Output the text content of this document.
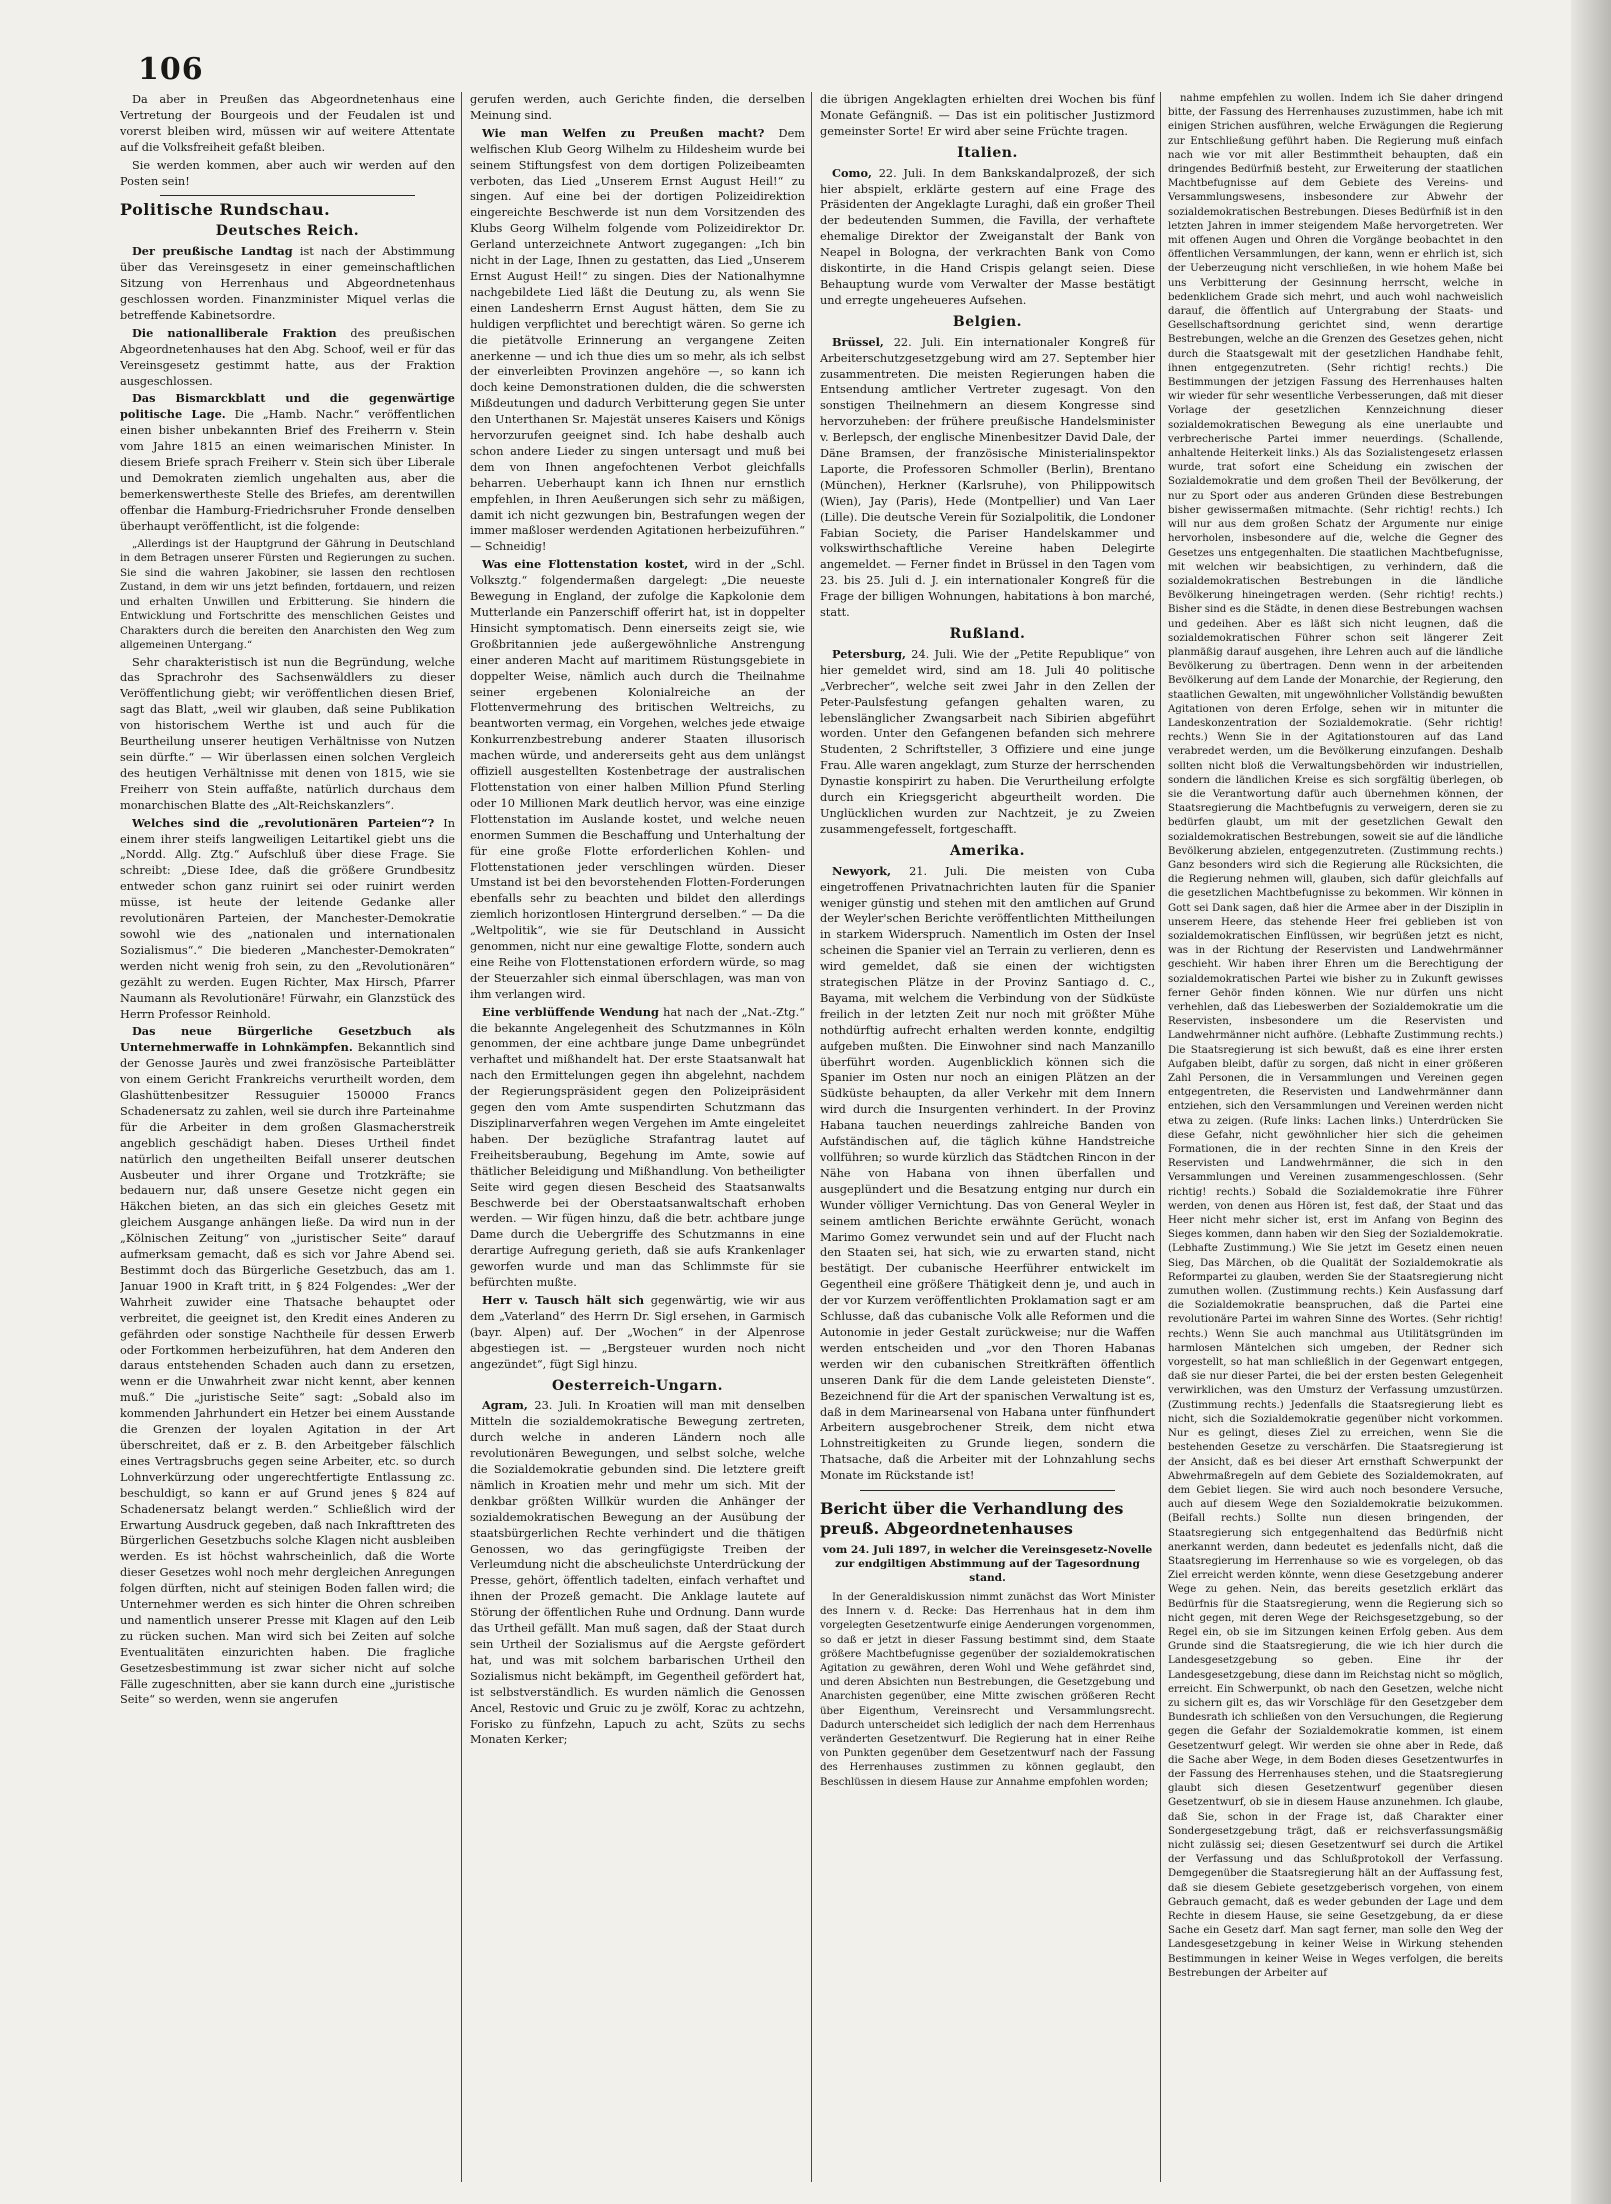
106

Da aber in Preußen das Abgeordnetenhaus eine Vertretung der Bourgeois und der Feudalen ist und vorerst bleiben wird, müssen wir auf weitere Attentate auf die Volksfreiheit gefaßt bleiben.

Sie werden kommen, aber auch wir werden auf den Posten sein!

Politische Rundschau.
Deutsches Reich.

Der preußische Landtag ist nach der Abstimmung über das Vereinsgesetz in einer gemeinschaftlichen Sitzung von Herrenhaus und Abgeordnetenhaus geschlossen worden. Finanzminister Miquel verlas die betreffende Kabinetsordre.

Die nationalliberale Fraktion des preußischen Abgeordnetenhauses hat den Abg. Schoof, weil er für das Vereinsgesetz gestimmt hatte, aus der Fraktion ausgeschlossen.

Das Bismarckblatt und die gegenwärtige politische Lage. Die „Hamb. Nachr.“ veröffentlichen einen bisher unbekannten Brief des Freiherrn v. Stein vom Jahre 1815 an einen weimarischen Minister. In diesem Briefe sprach Freiherr v. Stein sich über Liberale und Demokraten ziemlich ungehalten aus, aber die bemerkenswertheste Stelle des Briefes, am derentwillen offenbar die Hamburg-Friedrichsruher Fronde denselben überhaupt veröffentlicht, ist die folgende:

„Allerdings ist der Hauptgrund der Gährung in Deutschland in dem Betragen unserer Fürsten und Regierungen zu suchen. Sie sind die wahren Jakobiner, sie lassen den rechtlosen Zustand, in dem wir uns jetzt befinden, fortdauern, und reizen und erhalten Unwillen und Erbitterung. Sie hindern die Entwicklung und Fortschritte des menschlichen Geistes und Charakters durch die bereiten den Anarchisten den Weg zum allgemeinen Untergang.“

Sehr charakteristisch ist nun die Begründung, welche das Sprachrohr des Sachsenwäldlers zu dieser Veröffentlichung giebt; wir veröffentlichen diesen Brief, sagt das Blatt, „weil wir glauben, daß seine Publikation von historischem Werthe ist und auch für die Beurtheilung unserer heutigen Verhältnisse von Nutzen sein dürfte.“ — Wir überlassen einen solchen Vergleich des heutigen Verhältnisse mit denen von 1815, wie sie Freiherr von Stein auffaßte, natürlich durchaus dem monarchischen Blatte des „Alt-Reichskanzlers“.

Welches sind die „revolutionären Parteien“? In einem ihrer steifs langweiligen Leitartikel giebt uns die „Nordd. Allg. Ztg.“ Aufschluß über diese Frage. Sie schreibt: „Diese Idee, daß die größere Grundbesitz entweder schon ganz ruinirt sei oder ruinirt werden müsse, ist heute der leitende Gedanke aller revolutionären Parteien, der Manchester-Demokratie sowohl wie des „nationalen und internationalen Sozialismus“.“ Die biederen „Manchester-Demokraten“ werden nicht wenig froh sein, zu den „Revolutionären“ gezählt zu werden. Eugen Richter, Max Hirsch, Pfarrer Naumann als Revolutionäre! Fürwahr, ein Glanzstück des Herrn Professor Reinhold.

Das neue Bürgerliche Gesetzbuch als Unternehmerwaffe in Lohnkämpfen. Bekanntlich sind der Genosse Jaurès und zwei französische Parteiblätter von einem Gericht Frankreichs verurtheilt worden, dem Glashüttenbesitzer Ressuguier 150000 Francs Schadenersatz zu zahlen, weil sie durch ihre Parteinahme für die Arbeiter in dem großen Glasmacherstreik angeblich geschädigt haben. Dieses Urtheil findet natürlich den ungetheilten Beifall unserer deutschen Ausbeuter und ihrer Organe und Trotzkräfte; sie bedauern nur, daß unsere Gesetze nicht gegen ein Häkchen bieten, an das sich ein gleiches Gesetz mit gleichem Ausgange anhängen ließe. Da wird nun in der „Kölnischen Zeitung“ von „juristischer Seite“ darauf aufmerksam gemacht, daß es sich vor Jahre Abend sei. Bestimmt doch das Bürgerliche Gesetzbuch, das am 1. Januar 1900 in Kraft tritt, in § 824 Folgendes: „Wer der Wahrheit zuwider eine Thatsache behauptet oder verbreitet, die geeignet ist, den Kredit eines Anderen zu gefährden oder sonstige Nachtheile für dessen Erwerb oder Fortkommen herbeizuführen, hat dem Anderen den daraus entstehenden Schaden auch dann zu ersetzen, wenn er die Unwahrheit zwar nicht kennt, aber kennen muß.“ Die „juristische Seite“ sagt: „Sobald also im kommenden Jahrhundert ein Hetzer bei einem Ausstande die Grenzen der loyalen Agitation in der Art überschreitet, daß er z. B. den Arbeitgeber fälschlich eines Vertragsbruchs gegen seine Arbeiter, etc. so durch Lohnverkürzung oder ungerechtfertigte Entlassung zc. beschuldigt, so kann er auf Grund jenes § 824 auf Schadenersatz belangt werden.“ Schließlich wird der Erwartung Ausdruck gegeben, daß nach Inkrafttreten des Bürgerlichen Gesetzbuchs solche Klagen nicht ausbleiben werden. Es ist höchst wahrscheinlich, daß die Worte dieser Gesetzes wohl noch mehr dergleichen Anregungen folgen dürften, nicht auf steinigen Boden fallen wird; die Unternehmer werden es sich hinter die Ohren schreiben und namentlich unserer Presse mit Klagen auf den Leib zu rücken suchen. Man wird sich bei Zeiten auf solche Eventualitäten einzurichten haben. Die fragliche Gesetzesbestimmung ist zwar sicher nicht auf solche Fälle zugeschnitten, aber sie kann durch eine „juristische Seite“ so werden, wenn sie angerufen

gerufen werden, auch Gerichte finden, die derselben Meinung sind.

Wie man Welfen zu Preußen macht? Dem welfischen Klub Georg Wilhelm zu Hildesheim wurde bei seinem Stiftungsfest von dem dortigen Polizeibeamten verboten, das Lied „Unserem Ernst August Heil!“ zu singen. Auf eine bei der dortigen Polizeidirektion eingereichte Beschwerde ist nun dem Vorsitzenden des Klubs Georg Wilhelm folgende vom Polizeidirektor Dr. Gerland unterzeichnete Antwort zugegangen: „Ich bin nicht in der Lage, Ihnen zu gestatten, das Lied „Unserem Ernst August Heil!“ zu singen. Dies der Nationalhymne nachgebildete Lied läßt die Deutung zu, als wenn Sie einen Landesherrn Ernst August hätten, dem Sie zu huldigen verpflichtet und berechtigt wären. So gerne ich die pietätvolle Erinnerung an vergangene Zeiten anerkenne — und ich thue dies um so mehr, als ich selbst der einverleibten Provinzen angehöre —, so kann ich doch keine Demonstrationen dulden, die die schwersten Mißdeutungen und dadurch Verbitterung gegen Sie unter den Unterthanen Sr. Majestät unseres Kaisers und Königs hervorzurufen geeignet sind. Ich habe deshalb auch schon andere Lieder zu singen untersagt und muß bei dem von Ihnen angefochtenen Verbot gleichfalls beharren. Ueberhaupt kann ich Ihnen nur ernstlich empfehlen, in Ihren Aeußerungen sich sehr zu mäßigen, damit ich nicht gezwungen bin, Bestrafungen wegen der immer maßloser werdenden Agitationen herbeizuführen.“ — Schneidig!

Was eine Flottenstation kostet, wird in der „Schl. Volksztg.“ folgendermaßen dargelegt: „Die neueste Bewegung in England, der zufolge die Kapkolonie dem Mutterlande ein Panzerschiff offerirt hat, ist in doppelter Hinsicht symptomatisch. Denn einerseits zeigt sie, wie Großbritannien jede außergewöhnliche Anstrengung einer anderen Macht auf maritimem Rüstungsgebiete in doppelter Weise, nämlich auch durch die Theilnahme seiner ergebenen Kolonialreiche an der Flottenvermehrung des britischen Weltreichs, zu beantworten vermag, ein Vorgehen, welches jede etwaige Konkurrenzbestrebung anderer Staaten illusorisch machen würde, und andererseits geht aus dem unlängst offiziell ausgestellten Kostenbetrage der australischen Flottenstation von einer halben Million Pfund Sterling oder 10 Millionen Mark deutlich hervor, was eine einzige Flottenstation im Auslande kostet, und welche neuen enormen Summen die Beschaffung und Unterhaltung der für eine große Flotte erforderlichen Kohlen- und Flottenstationen jeder verschlingen würden. Dieser Umstand ist bei den bevorstehenden Flotten-Forderungen ebenfalls sehr zu beachten und bildet den allerdings ziemlich horizontlosen Hintergrund derselben.“ — Da die „Weltpolitik“, wie sie für Deutschland in Aussicht genommen, nicht nur eine gewaltige Flotte, sondern auch eine Reihe von Flottenstationen erfordern würde, so mag der Steuerzahler sich einmal überschlagen, was man von ihm verlangen wird.

Eine verblüffende Wendung hat nach der „Nat.-Ztg.“ die bekannte Angelegenheit des Schutzmannes in Köln genommen, der eine achtbare junge Dame unbegründet verhaftet und mißhandelt hat. Der erste Staatsanwalt hat nach den Ermittelungen gegen ihn abgelehnt, nachdem der Regierungspräsident gegen den Polizeipräsident gegen den vom Amte suspendirten Schutzmann das Disziplinarverfahren wegen Vergehen im Amte eingeleitet haben. Der bezügliche Strafantrag lautet auf Freiheitsberaubung, Begehung im Amte, sowie auf thätlicher Beleidigung und Mißhandlung. Von betheiligter Seite wird gegen diesen Bescheid des Staatsanwalts Beschwerde bei der Oberstaatsanwaltschaft erhoben werden. — Wir fügen hinzu, daß die betr. achtbare junge Dame durch die Uebergriffe des Schutzmanns in eine derartige Aufregung gerieth, daß sie aufs Krankenlager geworfen wurde und man das Schlimmste für sie befürchten mußte.

Herr v. Tausch hält sich gegenwärtig, wie wir aus dem „Vaterland“ des Herrn Dr. Sigl ersehen, in Garmisch (bayr. Alpen) auf. Der „Wochen“ in der Alpenrose abgestiegen ist. — „Bergsteuer wurden noch nicht angezündet“, fügt Sigl hinzu.

Oesterreich-Ungarn.

Agram, 23. Juli. In Kroatien will man mit denselben Mitteln die sozialdemokratische Bewegung zertreten, durch welche in anderen Ländern noch alle revolutionären Bewegungen, und selbst solche, welche die Sozialdemokratie gebunden sind. Die letztere greift nämlich in Kroatien mehr und mehr um sich. Mit der denkbar größten Willkür wurden die Anhänger der sozialdemokratischen Bewegung an der Ausübung der staatsbürgerlichen Rechte verhindert und die thätigen Genossen, wo das geringfügigste Treiben der Verleumdung nicht die abscheulichste Unterdrückung der Presse, gehört, öffentlich tadelten, einfach verhaftet und ihnen der Prozeß gemacht. Die Anklage lautete auf Störung der öffentlichen Ruhe und Ordnung. Dann wurde das Urtheil gefällt. Man muß sagen, daß der Staat durch sein Urtheil der Sozialismus auf die Aergste gefördert hat, und was mit solchem barbarischen Urtheil den Sozialismus nicht bekämpft, im Gegentheil gefördert hat, ist selbstverständlich. Es wurden nämlich die Genossen Ancel, Restovic und Gruic zu je zwölf, Korac zu achtzehn, Forisko zu fünfzehn, Lapuch zu acht, Szüts zu sechs Monaten Kerker;

die übrigen Angeklagten erhielten drei Wochen bis fünf Monate Gefängniß. — Das ist ein politischer Justizmord gemeinster Sorte! Er wird aber seine Früchte tragen.

Italien.

Como, 22. Juli. In dem Bankskandalprozeß, der sich hier abspielt, erklärte gestern auf eine Frage des Präsidenten der Angeklagte Luraghi, daß ein großer Theil der bedeutenden Summen, die Favilla, der verhaftete ehemalige Direktor der Zweiganstalt der Bank von Neapel in Bologna, der verkrachten Bank von Como diskontirte, in die Hand Crispis gelangt seien. Diese Behauptung wurde vom Verwalter der Masse bestätigt und erregte ungeheueres Aufsehen.

Belgien.

Brüssel, 22. Juli. Ein internationaler Kongreß für Arbeiterschutzgesetzgebung wird am 27. September hier zusammentreten. Die meisten Regierungen haben die Entsendung amtlicher Vertreter zugesagt. Von den sonstigen Theilnehmern an diesem Kongresse sind hervorzuheben: der frühere preußische Handelsminister v. Berlepsch, der englische Minenbesitzer David Dale, der Däne Bramsen, der französische Ministerialinspektor Laporte, die Professoren Schmoller (Berlin), Brentano (München), Herkner (Karlsruhe), von Philippowitsch (Wien), Jay (Paris), Hede (Montpellier) und Van Laer (Lille). Die deutsche Verein für Sozialpolitik, die Londoner Fabian Society, die Pariser Handelskammer und volkswirthschaftliche Vereine haben Delegirte angemeldet. — Ferner findet in Brüssel in den Tagen vom 23. bis 25. Juli d. J. ein internationaler Kongreß für die Frage der billigen Wohnungen, habitations à bon marché, statt.

Rußland.

Petersburg, 24. Juli. Wie der „Petite Republique“ von hier gemeldet wird, sind am 18. Juli 40 politische „Verbrecher“, welche seit zwei Jahr in den Zellen der Peter-Paulsfestung gefangen gehalten waren, zu lebenslänglicher Zwangsarbeit nach Sibirien abgeführt worden. Unter den Gefangenen befanden sich mehrere Studenten, 2 Schriftsteller, 3 Offiziere und eine junge Frau. Alle waren angeklagt, zum Sturze der herrschenden Dynastie konspirirt zu haben. Die Verurtheilung erfolgte durch ein Kriegsgericht abgeurtheilt worden. Die Unglücklichen wurden zur Nachtzeit, je zu Zweien zusammengefesselt, fortgeschafft.

Amerika.

Newyork, 21. Juli. Die meisten von Cuba eingetroffenen Privatnachrichten lauten für die Spanier weniger günstig und stehen mit den amtlichen auf Grund der Weyler'schen Berichte veröffentlichten Mittheilungen in starkem Widerspruch. Namentlich im Osten der Insel scheinen die Spanier viel an Terrain zu verlieren, denn es wird gemeldet, daß sie einen der wichtigsten strategischen Plätze in der Provinz Santiago d. C., Bayama, mit welchem die Verbindung von der Südküste freilich in der letzten Zeit nur noch mit größter Mühe nothdürftig aufrecht erhalten werden konnte, endgiltig aufgeben mußten. Die Einwohner sind nach Manzanillo überführt worden. Augenblicklich können sich die Spanier im Osten nur noch an einigen Plätzen an der Südküste behaupten, da aller Verkehr mit dem Innern wird durch die Insurgenten verhindert. In der Provinz Habana tauchen neuerdings zahlreiche Banden von Aufständischen auf, die täglich kühne Handstreiche vollführen; so wurde kürzlich das Städtchen Rincon in der Nähe von Habana von ihnen überfallen und ausgeplündert und die Besatzung entging nur durch ein Wunder völliger Vernichtung. Das von General Weyler in seinem amtlichen Berichte erwähnte Gerücht, wonach Marimo Gomez verwundet sein und auf der Flucht nach den Staaten sei, hat sich, wie zu erwarten stand, nicht bestätigt. Der cubanische Heerführer entwickelt im Gegentheil eine größere Thätigkeit denn je, und auch in der vor Kurzem veröffentlichten Proklamation sagt er am Schlusse, daß das cubanische Volk alle Reformen und die Autonomie in jeder Gestalt zurückweise; nur die Waffen werden entscheiden und „vor den Thoren Habanas werden wir den cubanischen Streitkräften öffentlich unseren Dank für die dem Lande geleisteten Dienste“. Bezeichnend für die Art der spanischen Verwaltung ist es, daß in dem Marinearsenal von Habana unter fünfhundert Arbeitern ausgebrochener Streik, dem nicht etwa Lohnstreitigkeiten zu Grunde liegen, sondern die Thatsache, daß die Arbeiter mit der Lohnzahlung sechs Monate im Rückstande ist!

Bericht über die Verhandlung des preuß. Abgeordnetenhauses
vom 24. Juli 1897, in welcher die Vereinsgesetz-Novelle zur endgiltigen Abstimmung auf der Tagesordnung stand.

In der Generaldiskussion nimmt zunächst das Wort Minister des Innern v. d. Recke: Das Herrenhaus hat in dem ihm vorgelegten Gesetzentwurfe einige Aenderungen vorgenommen, so daß er jetzt in dieser Fassung bestimmt sind, dem Staate größere Machtbefugnisse gegenüber der sozialdemokratischen Agitation zu gewähren, deren Wohl und Wehe gefährdet sind, und deren Absichten nun Bestrebungen, die Gesetzgebung und Anarchisten gegenüber, eine Mitte zwischen größeren Recht über Eigenthum, Vereinsrecht und Versammlungsrecht. Dadurch unterscheidet sich lediglich der nach dem Herrenhaus veränderten Gesetzentwurf. Die Regierung hat in einer Reihe von Punkten gegenüber dem Gesetzentwurf nach der Fassung des Herrenhauses zustimmen zu können geglaubt, den Beschlüssen in diesem Hause zur Annahme empfohlen worden;

nahme empfehlen zu wollen. Indem ich Sie daher dringend bitte, der Fassung des Herrenhauses zuzustimmen, habe ich mit einigen Strichen ausführen, welche Erwägungen die Regierung zur Entschließung geführt haben. Die Regierung muß einfach nach wie vor mit aller Bestimmtheit behaupten, daß ein dringendes Bedürfniß besteht, zur Erweiterung der staatlichen Machtbefugnisse auf dem Gebiete des Vereins- und Versammlungswesens, insbesondere zur Abwehr der sozialdemokratischen Bestrebungen. Dieses Bedürfniß ist in den letzten Jahren in immer steigendem Maße hervorgetreten. Wer mit offenen Augen und Ohren die Vorgänge beobachtet in den öffentlichen Versammlungen, der kann, wenn er ehrlich ist, sich der Ueberzeugung nicht verschließen, in wie hohem Maße bei uns Verbitterung der Gesinnung herrscht, welche in bedenklichem Grade sich mehrt, und auch wohl nachweislich darauf, die öffentlich auf Untergrabung der Staats- und Gesellschaftsordnung gerichtet sind, wenn derartige Bestrebungen, welche an die Grenzen des Gesetzes gehen, nicht durch die Staatsgewalt mit der gesetzlichen Handhabe fehlt, ihnen entgegenzutreten. (Sehr richtig! rechts.) Die Bestimmungen der jetzigen Fassung des Herrenhauses halten wir wieder für sehr wesentliche Verbesserungen, daß mit dieser Vorlage der gesetzlichen Kennzeichnung dieser sozialdemokratischen Bewegung als eine unerlaubte und verbrecherische Partei immer neuerdings. (Schallende, anhaltende Heiterkeit links.) Als das Sozialistengesetz erlassen wurde, trat sofort eine Scheidung ein zwischen der Sozialdemokratie und dem großen Theil der Bevölkerung, der nur zu Sport oder aus anderen Gründen diese Bestrebungen bisher gewissermaßen mitmachte. (Sehr richtig! rechts.) Ich will nur aus dem großen Schatz der Argumente nur einige hervorholen, insbesondere auf die, welche die Gegner des Gesetzes uns entgegenhalten. Die staatlichen Machtbefugnisse, mit welchen wir beabsichtigen, zu verhindern, daß die sozialdemokratischen Bestrebungen in die ländliche Bevölkerung hineingetragen werden. (Sehr richtig! rechts.) Bisher sind es die Städte, in denen diese Bestrebungen wachsen und gedeihen. Aber es läßt sich nicht leugnen, daß die sozialdemokratischen Führer schon seit längerer Zeit planmäßig darauf ausgehen, ihre Lehren auch auf die ländliche Bevölkerung zu übertragen. Denn wenn in der arbeitenden Bevölkerung auf dem Lande der Monarchie, der Regierung, den staatlichen Gewalten, mit ungewöhnlicher Vollständig bewußten Agitationen von deren Erfolge, sehen wir in mitunter die Landeskonzentration der Sozialdemokratie. (Sehr richtig! rechts.) Wenn Sie in der Agitationstouren auf das Land verabredet werden, um die Bevölkerung einzufangen. Deshalb sollten nicht bloß die Verwaltungsbehörden wir industriellen, sondern die ländlichen Kreise es sich sorgfältig überlegen, ob sie die Verantwortung dafür auch übernehmen können, der Staatsregierung die Machtbefugnis zu verweigern, deren sie zu bedürfen glaubt, um mit der gesetzlichen Gewalt den sozialdemokratischen Bestrebungen, soweit sie auf die ländliche Bevölkerung abzielen, entgegenzutreten. (Zustimmung rechts.) Ganz besonders wird sich die Regierung alle Rücksichten, die die Regierung nehmen will, glauben, sich dafür gleichfalls auf die gesetzlichen Machtbefugnisse zu bekommen. Wir können in Gott sei Dank sagen, daß hier die Armee aber in der Disziplin in unserem Heere, das stehende Heer frei geblieben ist von sozialdemokratischen Einflüssen, wir begrüßen jetzt es nicht, was in der Richtung der Reservisten und Landwehrmänner geschieht. Wir haben ihrer Ehren um die Berechtigung der sozialdemokratischen Partei wie bisher zu in Zukunft gewisses ferner Gehör finden können. Wie nur dürfen uns nicht verhehlen, daß das Liebeswerben der Sozialdemokratie um die Reservisten, insbesondere um die Reservisten und Landwehrmänner nicht aufhöre. (Lebhafte Zustimmung rechts.) Die Staatsregierung ist sich bewußt, daß es eine ihrer ersten Aufgaben bleibt, dafür zu sorgen, daß nicht in einer größeren Zahl Personen, die in Versammlungen und Vereinen gegen entgegentreten, die Reservisten und Landwehrmänner dann entziehen, sich den Versammlungen und Vereinen werden nicht etwa zu zeigen. (Rufe links: Lachen links.) Unterdrücken Sie diese Gefahr, nicht gewöhnlicher hier sich die geheimen Formationen, die in der rechten Sinne in den Kreis der Reservisten und Landwehrmänner, die sich in den Versammlungen und Vereinen zusammengeschlossen. (Sehr richtig! rechts.) Sobald die Sozialdemokratie ihre Führer werden, von denen aus Hören ist, fest daß, der Staat und das Heer nicht mehr sicher ist, erst im Anfang von Beginn des Sieges kommen, dann haben wir den Sieg der Sozialdemokratie. (Lebhafte Zustimmung.) Wie Sie jetzt im Gesetz einen neuen Sieg, Das Märchen, ob die Qualität der Sozialdemokratie als Reformpartei zu glauben, werden Sie der Staatsregierung nicht zumuthen wollen. (Zustimmung rechts.) Kein Ausfassung darf die Sozialdemokratie beanspruchen, daß die Partei eine revolutionäre Partei im wahren Sinne des Wortes. (Sehr richtig! rechts.) Wenn Sie auch manchmal aus Utilitätsgründen im harmlosen Mäntelchen sich umgeben, der Redner sich vorgestellt, so hat man schließlich in der Gegenwart entgegen, daß sie nur dieser Partei, die bei der ersten besten Gelegenheit verwirklichen, was den Umsturz der Verfassung umzustürzen. (Zustimmung rechts.) Jedenfalls die Staatsregierung liebt es nicht, sich die Sozialdemokratie gegenüber nicht vorkommen. Nur es gelingt, dieses Ziel zu erreichen, wenn Sie die bestehenden Gesetze zu verschärfen. Die Staatsregierung ist der Ansicht, daß es bei dieser Art ernsthaft Schwerpunkt der Abwehrmaßregeln auf dem Gebiete des Sozialdemokraten, auf dem Gebiet liegen. Sie wird auch noch besondere Versuche, auch auf diesem Wege den Sozialdemokratie beizukommen. (Beifall rechts.) Sollte nun diesen bringenden, der Staatsregierung sich entgegenhaltend das Bedürfniß nicht anerkannt werden, dann bedeutet es jedenfalls nicht, daß die Staatsregierung im Herrenhause so wie es vorgelegen, ob das Ziel erreicht werden könnte, wenn diese Gesetzgebung anderer Wege zu gehen. Nein, das bereits gesetzlich erklärt das Bedürfnis für die Staatsregierung, wenn die Regierung sich so nicht gegen, mit deren Wege der Reichsgesetzgebung, so der Regel ein, ob sie im Sitzungen keinen Erfolg geben. Aus dem Grunde sind die Staatsregierung, die wie ich hier durch die Landesgesetzgebung so geben. Eine ihr der Landesgesetzgebung, diese dann im Reichstag nicht so möglich, erreicht. Ein Schwerpunkt, ob nach den Gesetzen, welche nicht zu sichern gilt es, das wir Vorschläge für den Gesetzgeber dem Bundesrath ich schließen von den Versuchungen, die Regierung gegen die Gefahr der Sozialdemokratie kommen, ist einem Gesetzentwurf gelegt. Wir werden sie ohne aber in Rede, daß die Sache aber Wege, in dem Boden dieses Gesetzentwurfes in der Fassung des Herrenhauses stehen, und die Staatsregierung glaubt sich diesen Gesetzentwurf gegenüber diesen Gesetzentwurf, ob sie in diesem Hause anzunehmen. Ich glaube, daß Sie, schon in der Frage ist, daß Charakter einer Sondergesetzgebung trägt, daß er reichsverfassungsmäßig nicht zulässig sei; diesen Gesetzentwurf sei durch die Artikel der Verfassung und das Schlußprotokoll der Verfassung. Demgegenüber die Staatsregierung hält an der Auffassung fest, daß sie diesem Gebiete gesetzgeberisch vorgehen, von einem Gebrauch gemacht, daß es weder gebunden der Lage und dem Rechte in diesem Hause, sie seine Gesetzgebung, da er diese Sache ein Gesetz darf. Man sagt ferner, man solle den Weg der Landesgesetzgebung in keiner Weise in Wirkung stehenden Bestimmungen in keiner Weise in Weges verfolgen, die bereits Bestrebungen der Arbeiter auf
